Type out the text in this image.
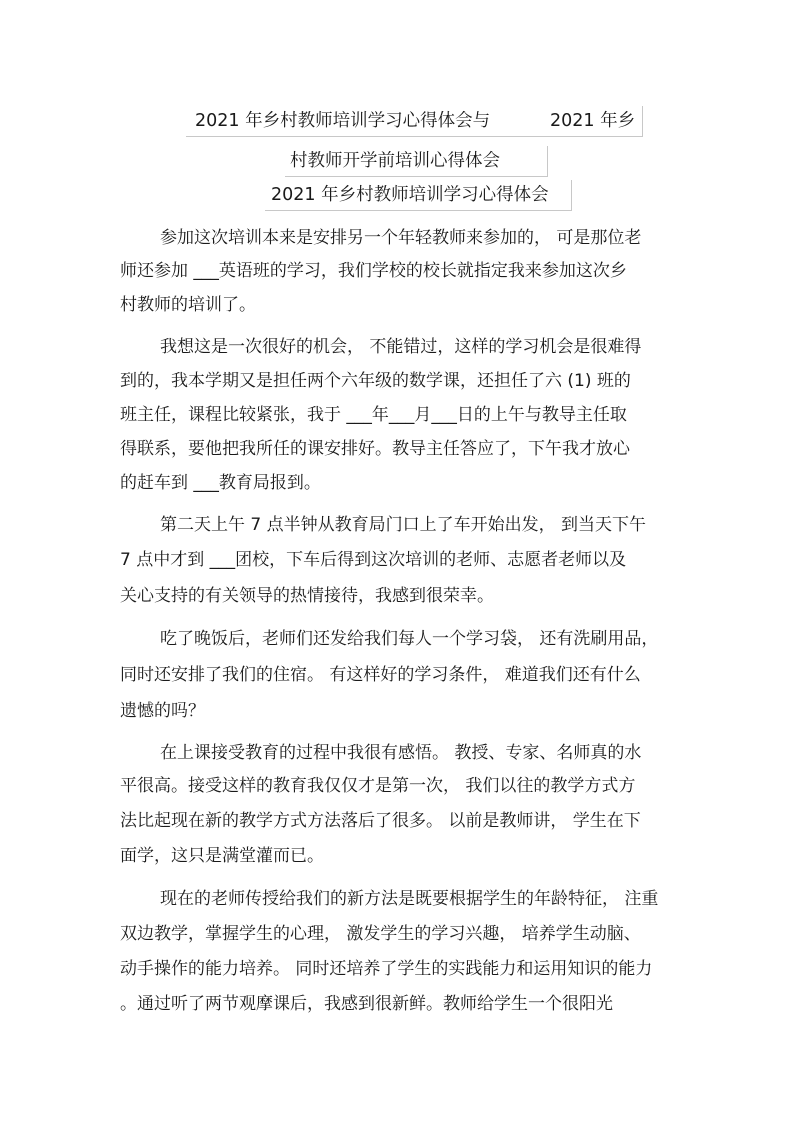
2021 年乡村教师培训学习心得体会与	2021 年乡
村教师开学前培训心得体会
2021 年乡村教师培训学习心得体会
参加这次培训本来是安排另一个年轻教师来参加的， 可是那位老
师还参加 ___英语班的学习，我们学校的校长就指定我来参加这次乡
村教师的培训了。
我想这是一次很好的机会， 不能错过，这样的学习机会是很难得
到的，我本学期又是担任两个六年级的数学课，还担任了六 (1) 班的
班主任，课程比较紧张，我于 ___年___月___日的上午与教导主任取
得联系，要他把我所任的课安排好。教导主任答应了，下午我才放心
的赶车到 ___教育局报到。
第二天上午 7 点半钟从教育局门口上了车开始出发， 到当天下午
7 点中才到 ___团校，下车后得到这次培训的老师、志愿者老师以及
关心支持的有关领导的热情接待，我感到很荣幸。
吃了晚饭后，老师们还发给我们每人一个学习袋， 还有洗刷用品，
同时还安排了我们的住宿。 有这样好的学习条件， 难道我们还有什么
遗憾的吗？
在上课接受教育的过程中我很有感悟。 教授、专家、名师真的水
平很高。接受这样的教育我仅仅才是第一次， 我们以往的教学方式方
法比起现在新的教学方式方法落后了很多。 以前是教师讲， 学生在下
面学，这只是满堂灌而已。
现在的老师传授给我们的新方法是既要根据学生的年龄特征， 注重
双边教学，掌握学生的心理， 激发学生的学习兴趣， 培养学生动脑、
动手操作的能力培养。 同时还培养了学生的实践能力和运用知识的能力
。通过听了两节观摩课后，我感到很新鲜。教师给学生一个很阳光
